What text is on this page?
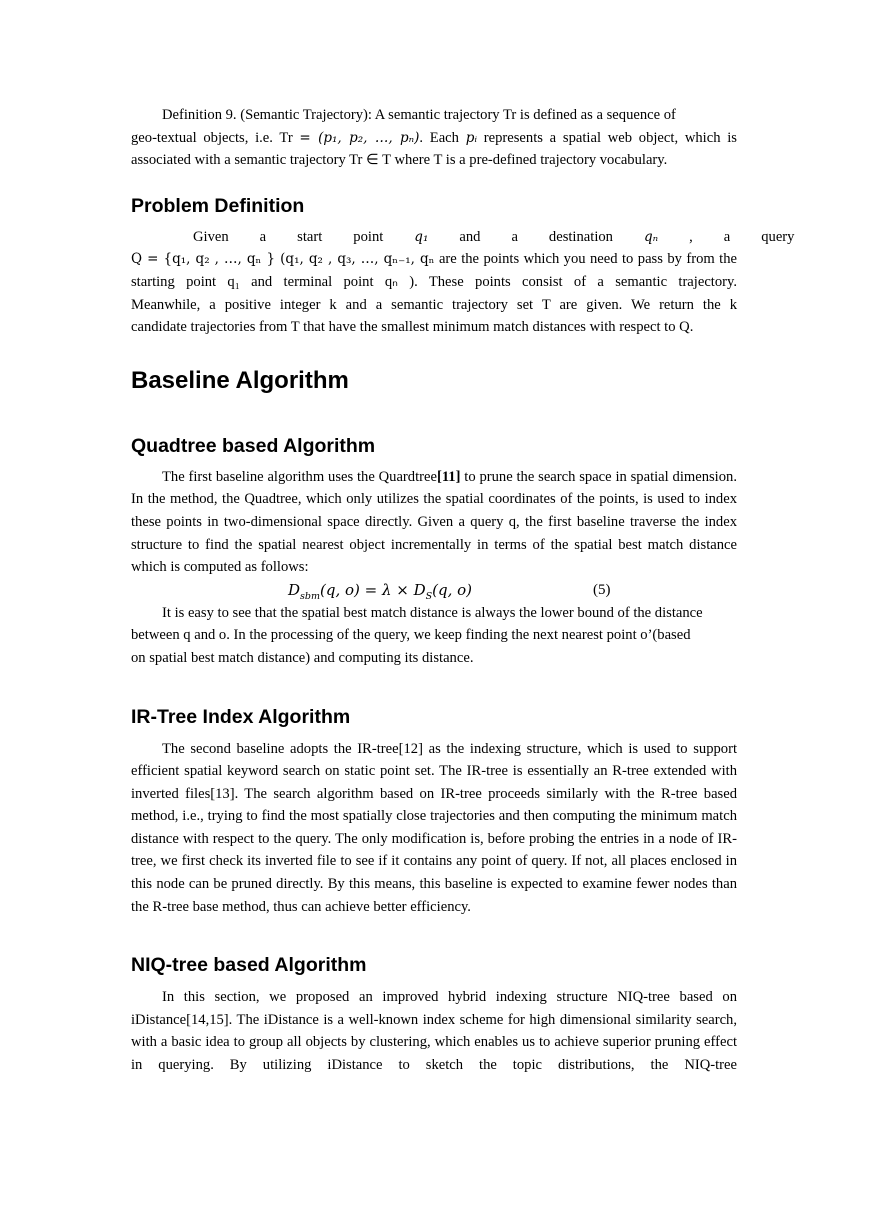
Definition 9. (Semantic Trajectory): A semantic trajectory Tr is defined as a sequence of

geo-textual objects, i.e. Tr = (p₁, p₂, …, pₙ). Each pᵢ represents a spatial web object, which is

associated with a semantic trajectory Tr ∈ T where T is a pre-defined trajectory vocabulary.

Problem Definition

Given	a	start	point	q₁	and	a	destination	qₙ	,	a	query

Q = {q₁, q₂ , …, qₙ } (q₁, q₂ , q₃, …, qₙ₋₁, qₙ are the points which you need to pass by from the

starting point q₁ and terminal point qₙ ). These points consist of a semantic trajectory.

Meanwhile, a positive integer k and a semantic trajectory set T are given. We return the k

candidate trajectories from T that have the smallest minimum match distances with respect to Q.

Baseline Algorithm
Quadtree based Algorithm

The first baseline algorithm uses the Quardtree[11] to prune the search space in spatial dimension. In the method, the Quadtree, which only utilizes the spatial coordinates of the points, is used to index these points in two-dimensional space directly. Given a query q, the first baseline traverse the index structure to find the spatial nearest object incrementally in terms of the spatial best match distance which is computed as follows:

$D_{sbm}(q$, $o) = \lambda \times D_S(q$, o)	(5)

It is easy to see that the spatial best match distance is always the lower bound of the distance

between q and o. In the processing of the query, we keep finding the next nearest point o’(based

on spatial best match distance) and computing its distance.

IR-Tree Index Algorithm

The second baseline adopts the IR-tree[12] as the indexing structure, which is used to support efficient spatial keyword search on static point set. The IR-tree is essentially an R-tree extended with inverted files[13]. The search algorithm based on IR-tree proceeds similarly with the R-tree based method, i.e., trying to find the most spatially close trajectories and then computing the minimum match distance with respect to the query. The only modification is, before probing the entries in a node of IR-tree, we first check its inverted file to see if it contains any point of query. If not, all places enclosed in this node can be pruned directly. By this means, this baseline is expected to examine fewer nodes than the R-tree base method, thus can achieve better efficiency.

NIQ-tree based Algorithm

In this section, we proposed an improved hybrid indexing structure NIQ-tree based on iDistance[14,15]. The iDistance is a well-known index scheme for high dimensional similarity search, with a basic idea to group all objects by clustering, which enables us to achieve superior pruning effect in querying. By utilizing iDistance to sketch the topic distributions, the NIQ-tree
